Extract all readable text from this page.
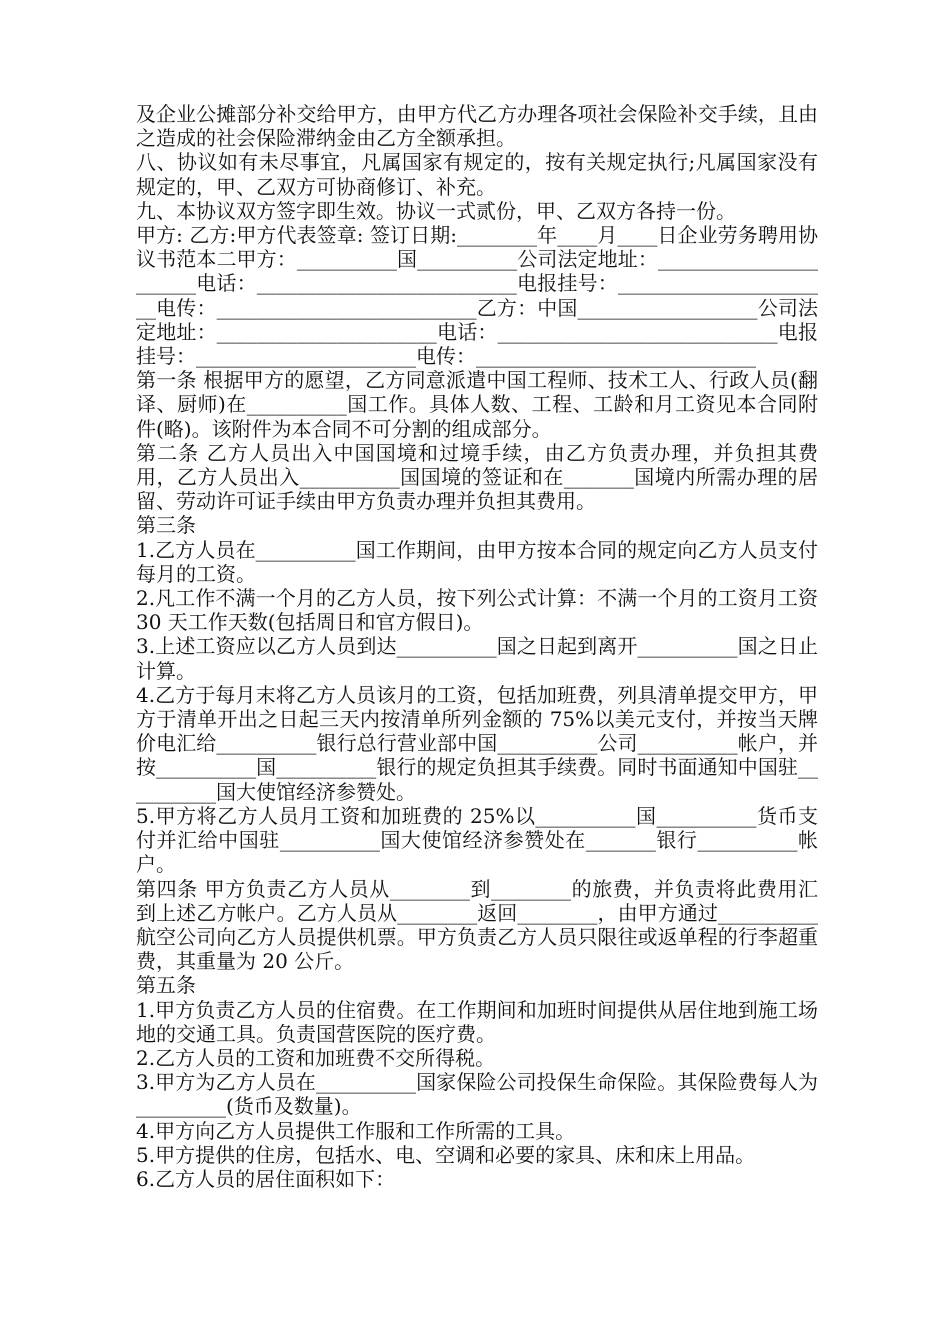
及企业公摊部分补交给甲方，由甲方代乙方办理各项社会保险补交手续，且由之造成的社会保险滞纳金由乙方全额承担。

八、协议如有未尽事宜，凡属国家有规定的，按有关规定执行;凡属国家没有规定的，甲、乙双方可协商修订、补充。

九、本协议双方签字即生效。协议一式贰份，甲、乙双方各持一份。

甲方: 乙方:甲方代表签章: 签订日期:________年____月____日企业劳务聘用协议书范本二甲方：__________国__________公司法定地址：______________________电话：__________________________电报挂号：______________________电传：__________________________乙方：中国__________________公司法定地址：______________________电话：____________________________电报挂号：______________________电传：____________________________

第一条 根据甲方的愿望，乙方同意派遣中国工程师、技术工人、行政人员(翻译、厨师)在__________国工作。具体人数、工程、工龄和月工资见本合同附件(略)。该附件为本合同不可分割的组成部分。

第二条 乙方人员出入中国国境和过境手续，由乙方负责办理，并负担其费用，乙方人员出入__________国国境的签证和在_______国境内所需办理的居留、劳动许可证手续由甲方负责办理并负担其费用。

第三条

1.乙方人员在__________国工作期间，由甲方按本合同的规定向乙方人员支付每月的工资。

2.凡工作不满一个月的乙方人员，按下列公式计算：不满一个月的工资月工资 30 天工作天数(包括周日和官方假日)。

3.上述工资应以乙方人员到达__________国之日起到离开__________国之日止计算。

4.乙方于每月末将乙方人员该月的工资，包括加班费，列具清单提交甲方，甲方于清单开出之日起三天内按清单所列金额的 75%以美元支付，并按当天牌价电汇给__________银行总行营业部中国__________公司__________帐户，并按__________国__________银行的规定负担其手续费。同时书面通知中国驻__________国大使馆经济参赞处。

5.甲方将乙方人员月工资和加班费的 25%以__________国__________货币支付并汇给中国驻__________国大使馆经济参赞处在_______银行__________帐户。

第四条 甲方负责乙方人员从________到________的旅费，并负责将此费用汇到上述乙方帐户。乙方人员从________返回________，由甲方通过__________航空公司向乙方人员提供机票。甲方负责乙方人员只限往或返单程的行李超重费，其重量为 20 公斤。

第五条

1.甲方负责乙方人员的住宿费。在工作期间和加班时间提供从居住地到施工场地的交通工具。负责国营医院的医疗费。

2.乙方人员的工资和加班费不交所得税。

3.甲方为乙方人员在__________国家保险公司投保生命保险。其保险费每人为_________(货币及数量)。

4.甲方向乙方人员提供工作服和工作所需的工具。

5.甲方提供的住房，包括水、电、空调和必要的家具、床和床上用品。

6.乙方人员的居住面积如下：
